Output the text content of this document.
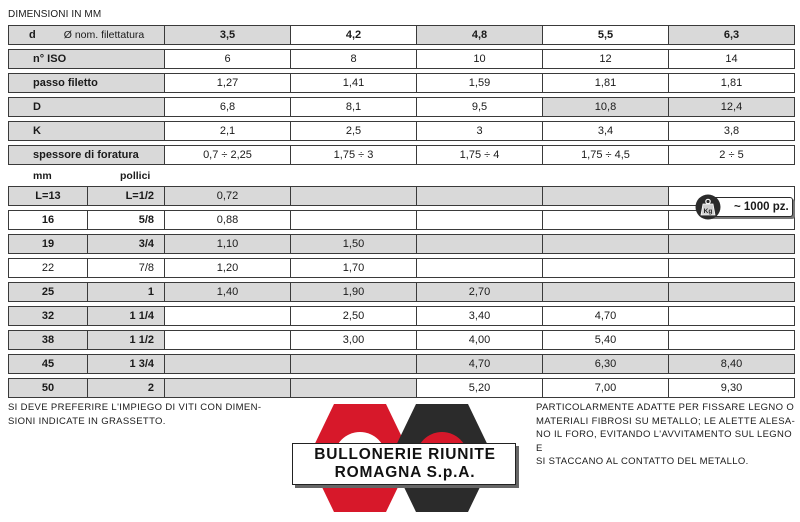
DIMENSIONI IN MM
d Ø nom. filettatura	3,5	4,2	4,8	5,5	6,3

n° ISO	6	8	10	12	14

passo filetto	1,27	1,41	1,59	1,81	1,81

D	6,8	8,1	9,5	10,8	12,4

K	2,1	2,5	3	3,4	3,8

spessore di foratura	0,7 ÷ 2,25	1,75 ÷ 3	1,75 ÷ 4	1,75 ÷ 4,5	2 ÷ 5
mm	pollici
L=13	L=1/2	0,72				

16	5/8	0,88				

19	3/4	1,10	1,50			

22	7/8	1,20	1,70			

25	1	1,40	1,90	2,70		

32	1 1/4		2,50	3,40	4,70	

38	1 1/2		3,00	4,00	5,40	

45	1 3/4			4,70	6,30	8,40

50	2			5,20	7,00	9,30
~ 1000 pz.
Kg
SI DEVE PREFERIRE L'IMPIEGO DI VITI CON DIMEN-
SIONI INDICATE IN GRASSETTO.
PARTICOLARMENTE ADATTE PER FISSARE LEGNO O
MATERIALI FIBROSI SU METALLO; LE ALETTE ALESA-
NO IL FORO, EVITANDO L'AVVITAMENTO SUL LEGNO E
SI STACCANO AL CONTATTO DEL METALLO.
BULLONERIE RIUNITE
ROMAGNA S.p.A.
